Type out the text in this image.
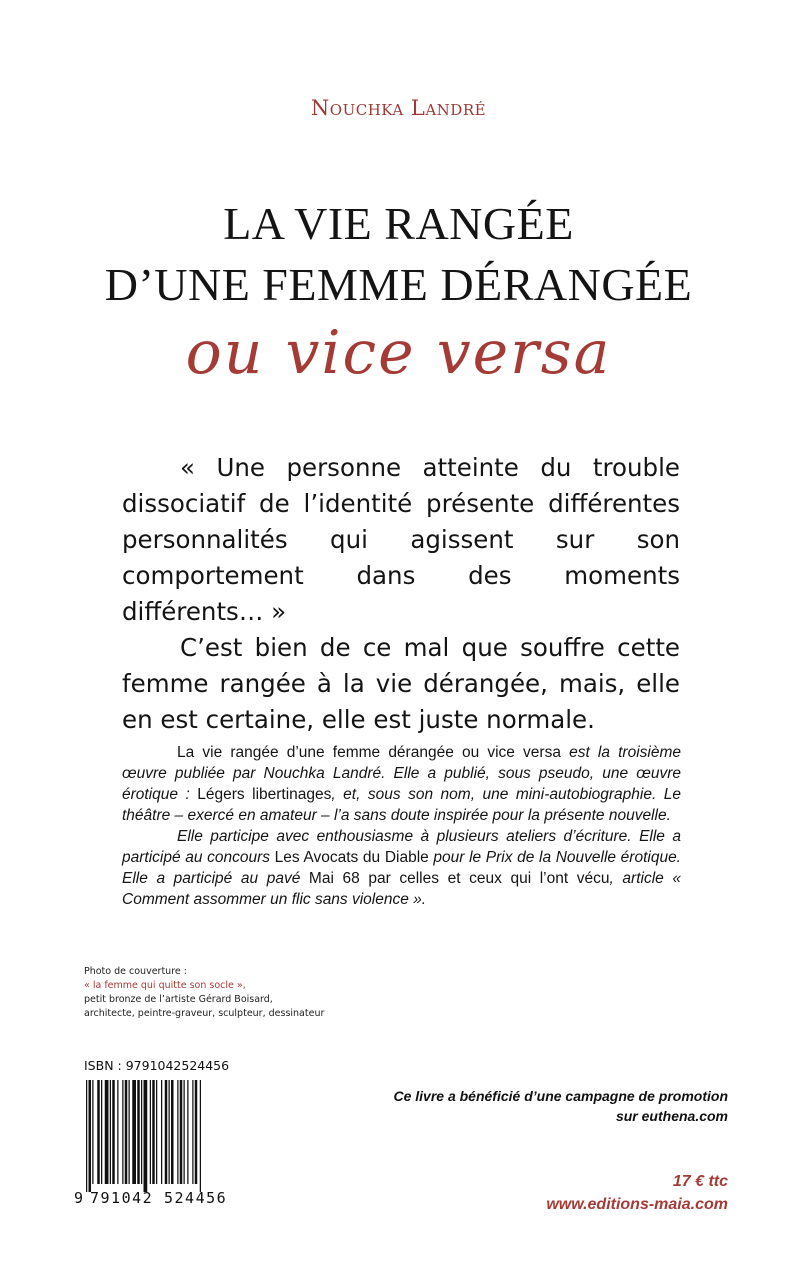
Nouchka Landré
LA VIE RANGÉE
D’UNE FEMME DÉRANGÉE
ou vice versa

« Une personne atteinte du trouble dissociatif de l’identité présente différentes personnalités qui agissent sur son comportement dans des moments différents… »

C’est bien de ce mal que souffre cette femme rangée à la vie dérangée, mais, elle en est certaine, elle est juste normale.

La vie rangée d’une femme dérangée ou vice versa est la troisième œuvre publiée par Nouchka Landré. Elle a publié, sous pseudo, une œuvre érotique : Légers libertinages, et, sous son nom, une mini-autobiographie. Le théâtre – exercé en amateur – l’a sans doute inspirée pour la présente nouvelle.

Elle participe avec enthousiasme à plusieurs ateliers d’écriture. Elle a participé au concours Les Avocats du Diable pour le Prix de la Nouvelle érotique. Elle a participé au pavé Mai 68 par celles et ceux qui l’ont vécu, article « Comment assommer un flic sans violence ».

Photo de couverture :
« la femme qui quitte son socle »,
petit bronze de l’artiste Gérard Boisard,
architecte, peintre-graveur, sculpteur, dessinateur
ISBN : 9791042524456
9 791042 524456
Ce livre a bénéficié d’une campagne de promotion
sur euthena.com
17 € ttc
www.editions-maia.com
